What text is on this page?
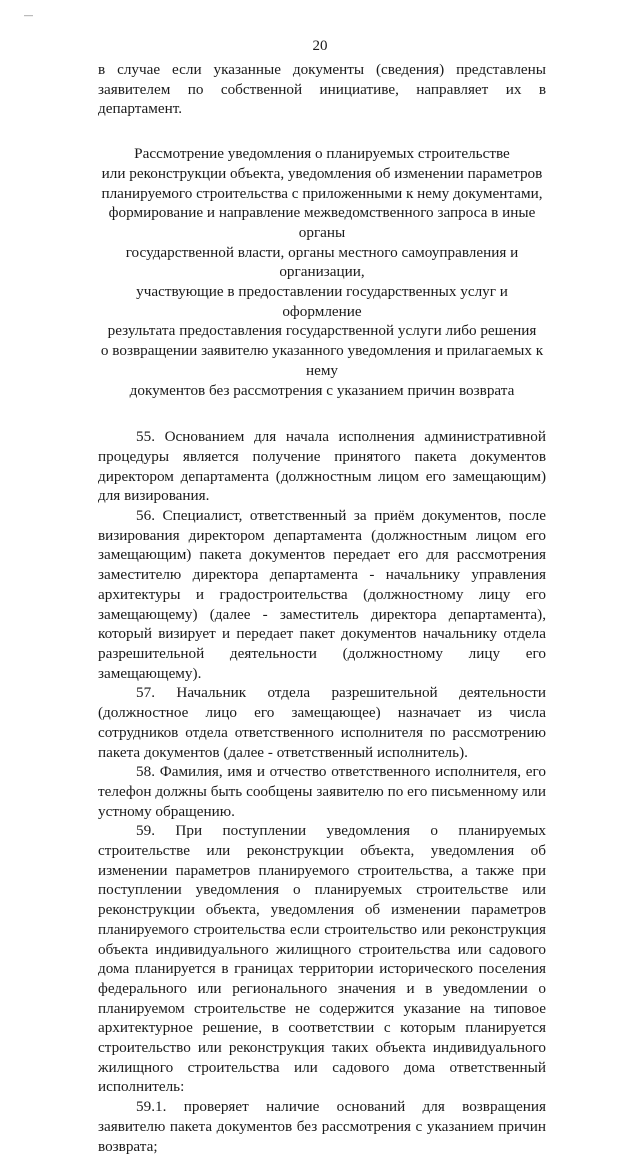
—
20

в случае если указанные документы (сведения) представлены заявителем по собственной инициативе, направляет их в департамент.

Рассмотрение уведомления о планируемых строительстве
или реконструкции объекта, уведомления об изменении параметров
планируемого строительства с приложенными к нему документами,
формирование и направление межведомственного запроса в иные органы
государственной власти, органы местного самоуправления и организации,
участвующие в предоставлении государственных услуг и оформление
результата предоставления государственной услуги либо решения
о возвращении заявителю указанного уведомления и прилагаемых к нему
документов без рассмотрения с указанием причин возврата

55. Основанием для начала исполнения административной процедуры является получение принятого пакета документов директором департамента (должностным лицом его замещающим) для визирования.

56. Специалист, ответственный за приём документов, после визирования директором департамента (должностным лицом его замещающим) пакета документов передает его для рассмотрения заместителю директора департамента - начальнику управления архитектуры и градостроительства (должностному лицу его замещающему) (далее - заместитель директора департамента), который визирует и передает пакет документов начальнику отдела разрешительной деятельности (должностному лицу его замещающему).

57. Начальник отдела разрешительной деятельности (должностное лицо его замещающее) назначает из числа сотрудников отдела ответственного исполнителя по рассмотрению пакета документов (далее - ответственный исполнитель).

58. Фамилия, имя и отчество ответственного исполнителя, его телефон должны быть сообщены заявителю по его письменному или устному обращению.

59. При поступлении уведомления о планируемых строительстве или реконструкции объекта, уведомления об изменении параметров планируемого строительства, а также при поступлении уведомления о планируемых строительстве или реконструкции объекта, уведомления об изменении параметров планируемого строительства если строительство или реконструкция объекта индивидуального жилищного строительства или садового дома планируется в границах территории исторического поселения федерального или регионального значения и в уведомлении о планируемом строительстве не содержится указание на типовое архитектурное решение, в соответствии с которым планируется строительство или реконструкция таких объекта индивидуального жилищного строительства или садового дома ответственный исполнитель:

59.1. проверяет наличие оснований для возвращения заявителю пакета документов без рассмотрения с указанием причин возврата;
